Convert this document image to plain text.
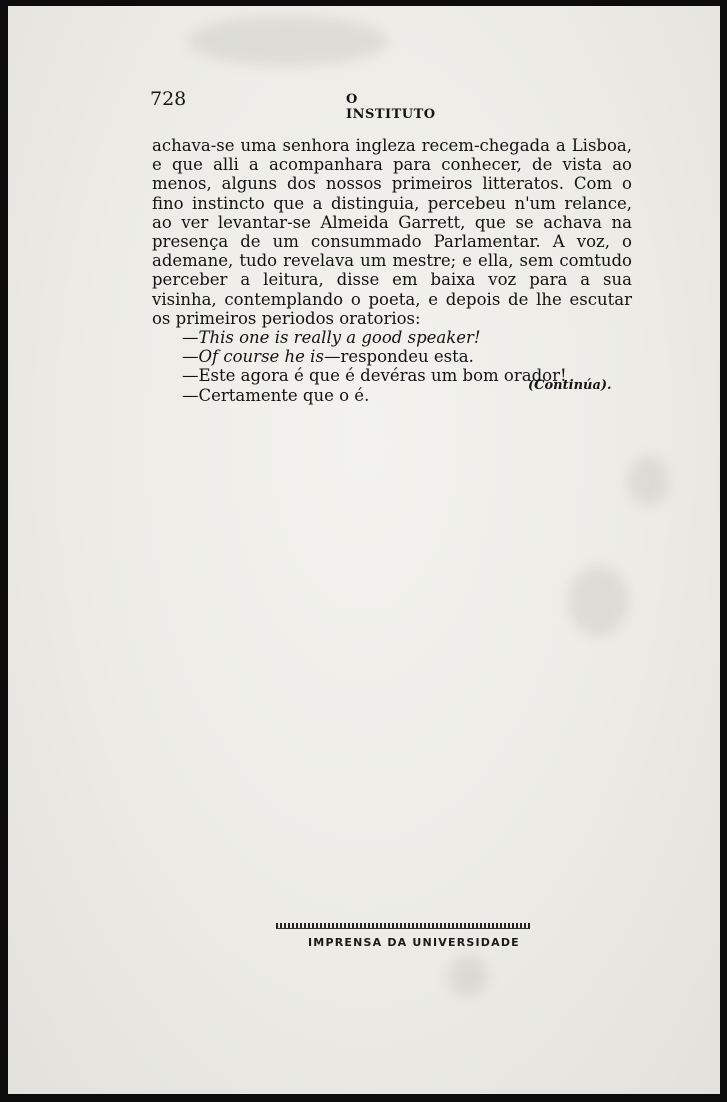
728	O INSTITUTO

achava-se uma senhora ingleza recem-chegada a Lisboa, e que alli a acompanhara para conhecer, de vista ao menos, alguns dos nossos primeiros litteratos. Com o fino instincto que a distinguia, percebeu n'um relance, ao ver levantar-se Almeida Garrett, que se achava na presença de um consummado Parlamentar. A voz, o ademane, tudo revelava um mestre; e ella, sem comtudo perceber a leitura, disse em baixa voz para a sua visinha, contemplando o poeta, e depois de lhe escutar os primeiros periodos oratorios:

—This one is really a good speaker!

—Of course he is—respondeu esta.

—Este agora é que é devéras um bom orador!

—Certamente que o é.

(Continúa).
IMPRENSA DA UNIVERSIDADE
